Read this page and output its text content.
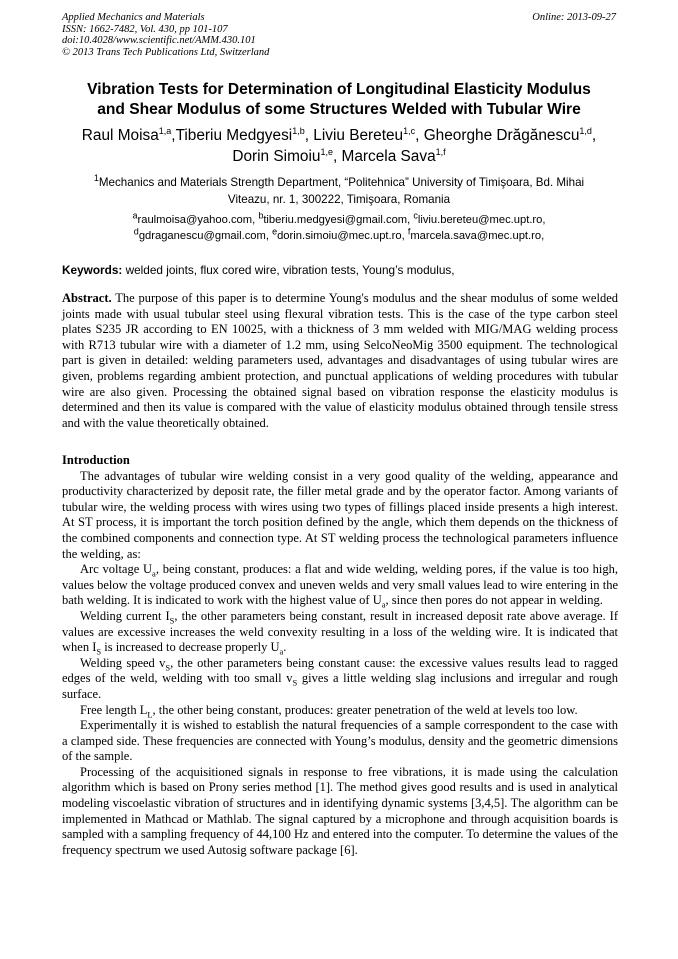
Applied Mechanics and Materials
ISSN: 1662-7482, Vol. 430, pp 101-107
doi:10.4028/www.scientific.net/AMM.430.101
© 2013 Trans Tech Publications Ltd, Switzerland
Online: 2013-09-27
Vibration Tests for Determination of Longitudinal Elasticity Modulus
and Shear Modulus of some Structures Welded with Tubular Wire
Raul Moisa$^{1,a}$,Tiberiu Medgyesi$^{1,b}$, Liviu Bereteu$^{1,c}$, Gheorghe Drăgănescu$^{1,d}$,
Dorin Simoiu$^{1,e}$, Marcela Sava$^{1,f}$
$^1$Mechanics and Materials Strength Department, “Politehnica” University of Timişoara, Bd. Mihai
Viteazu, nr. 1, 300222, Timişoara, Romania
$^a$raulmoisa@yahoo.com, $^b$tiberiu.medgyesi@gmail.com, $^c$liviu.bereteu@mec.upt.ro,
$^d$gdraganescu@gmail.com, $^e$dorin.simoiu@mec.upt.ro, $^f$marcela.sava@mec.upt.ro,
Keywords: welded joints, flux cored wire, vibration tests, Young’s modulus,

Abstract. The purpose of this paper is to determine Young's modulus and the shear modulus of some welded joints made with usual tubular steel using flexural vibration tests. This is the case of the type carbon steel plates S235 JR according to EN 10025, with a thickness of 3 mm welded with MIG/MAG welding process with R713 tubular wire with a diameter of 1.2 mm, using SelcoNeoMig 3500 equipment. The technological part is given in detailed: welding parameters used, advantages and disadvantages of using tubular wires are given, problems regarding ambient protection, and punctual applications of welding procedures with tubular wire are also given. Processing the obtained signal based on vibration response the elasticity modulus is determined and then its value is compared with the value of elasticity modulus obtained through tensile stress and with the value theoretically obtained.

Introduction

The advantages of tubular wire welding consist in a very good quality of the welding, appearance and productivity characterized by deposit rate, the filler metal grade and by the operator factor. Among variants of tubular wire, the welding process with wires using two types of fillings placed inside presents a high interest. At ST process, it is important the torch position defined by the angle, which them depends on the thickness of the combined components and connection type. At ST welding process the technological parameters influence the welding, as:

Arc voltage $U_a$, being constant, produces: a flat and wide welding, welding pores, if the value is too high, values below the voltage produced convex and uneven welds and very small values lead to wire entering in the bath welding. It is indicated to work with the highest value of $U_a$, since then pores do not appear in welding.

Welding current $I_S$, the other parameters being constant, result in increased deposit rate above average. If values are excessive increases the weld convexity resulting in a loss of the welding wire. It is indicated that when $I_S$ is increased to decrease properly $U_a$.

Welding speed $v_S$, the other parameters being constant cause: the excessive values results lead to ragged edges of the weld, welding with too small $v_S$ gives a little welding slag inclusions and irregular and rough surface.

Free length $L_L$, the other being constant, produces: greater penetration of the weld at levels too low.

Experimentally it is wished to establish the natural frequencies of a sample correspondent to the case with a clamped side. These frequencies are connected with Young’s modulus, density and the geometric dimensions of the sample.

Processing of the acquisitioned signals in response to free vibrations, it is made using the calculation algorithm which is based on Prony series method [1]. The method gives good results and is used in analytical modeling viscoelastic vibration of structures and in identifying dynamic systems [3,4,5]. The algorithm can be implemented in Mathcad or Mathlab. The signal captured by a microphone and through acquisition boards is sampled with a sampling frequency of 44,100 Hz and entered into the computer. To determine the values of the frequency spectrum we used Autosig software package [6].
